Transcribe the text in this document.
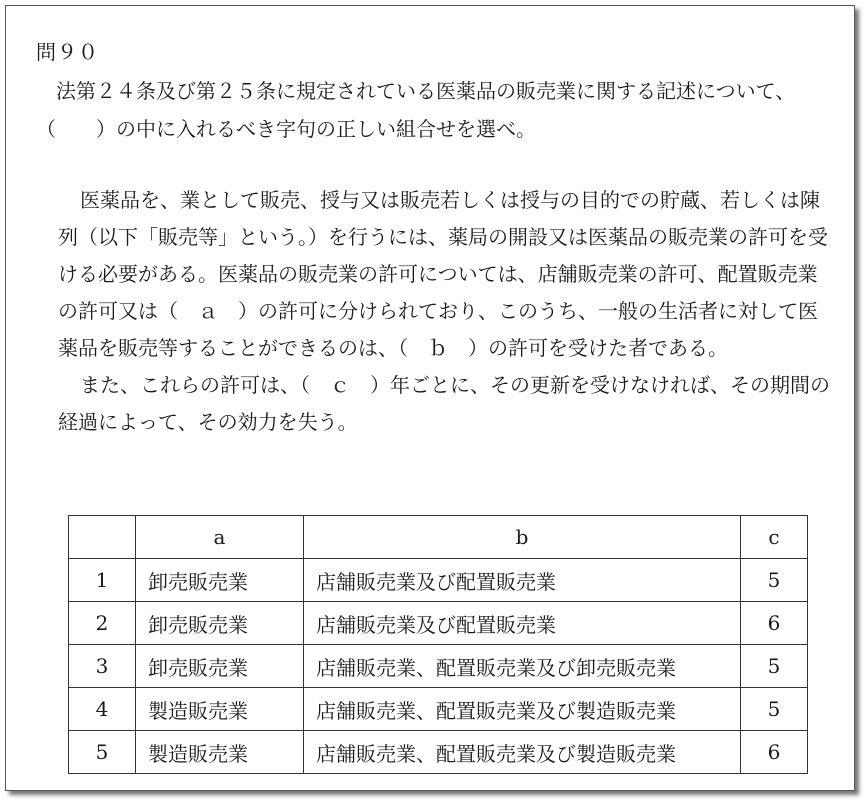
問９０
法第２４条及び第２５条に規定されている医薬品の販売業に関する記述について、（　　）の中に入れるべき字句の正しい組合せを選べ。

医薬品を、業として販売、授与又は販売若しくは授与の目的での貯蔵、若しくは陳列（以下「販売等」という。）を行うには、薬局の開設又は医薬品の販売業の許可を受ける必要がある。医薬品の販売業の許可については、店舗販売業の許可、配置販売業の許可又は（　ａ　）の許可に分けられており、このうち、一般の生活者に対して医薬品を販売等することができるのは、（　ｂ　）の許可を受けた者である。

また、これらの許可は、（　ｃ　）年ごとに、その更新を受けなければ、その期間の経過によって、その効力を失う。

	a	b	c
1	卸売販売業	店舗販売業及び配置販売業	5
2	卸売販売業	店舗販売業及び配置販売業	6
3	卸売販売業	店舗販売業、配置販売業及び卸売販売業	5
4	製造販売業	店舗販売業、配置販売業及び製造販売業	5
5	製造販売業	店舗販売業、配置販売業及び製造販売業	6
